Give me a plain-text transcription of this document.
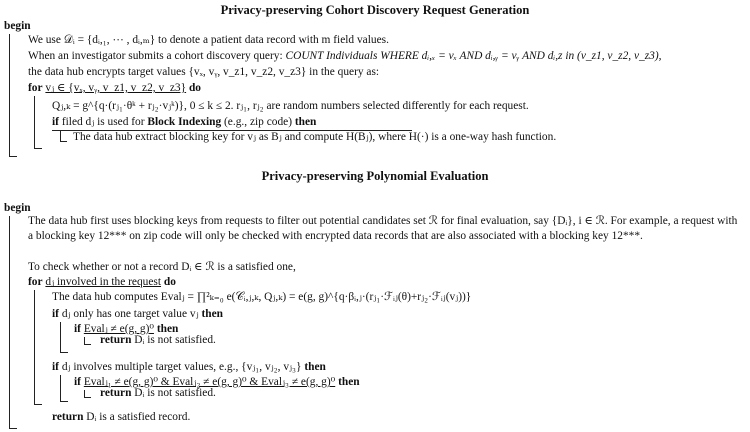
Privacy-preserving Cohort Discovery Request Generation
begin
We use 𝒟ᵢ = {dᵢ,₁, ⋯ , dᵢ,ₘ} to denote a patient data record with m field values.
When an investigator submits a cohort discovery query: COUNT Individuals WHERE dᵢ,ₓ = vₓ AND dᵢ,ᵧ = vᵧ AND dᵢ,z in (v_z1, v_z2, v_z3),
the data hub encrypts target values {vₓ, vᵧ, v_z1, v_z2, v_z3} in the query as:
for vⱼ ∈ {vₓ, vᵧ, v_z1, v_z2, v_z3} do
Qⱼ,ₖ = g^{q·(rⱼ₁·θᵏ + rⱼ₂·vⱼᵏ)}, 0 ≤ k ≤ 2. rⱼ₁, rⱼ₂ are random numbers selected differently for each request.
if filed dⱼ is used for Block Indexing (e.g., zip code) then
The data hub extract blocking key for vⱼ as Bⱼ and compute H(Bⱼ), where H(·) is a one-way hash function.
Privacy-preserving Polynomial Evaluation
begin
The data hub first uses blocking keys from requests to filter out potential candidates set ℛ for final evaluation, say {Dᵢ}, i ∈ ℛ. For example, a request with a blocking key 12*** on zip code will only be checked with encrypted data records that are also associated with a blocking key 12***.
To check whether or not a record Dᵢ ∈ ℛ is a satisfied one,
for dⱼ involved in the request do
The data hub computes Evalⱼ = ∏²ₖ₌₀ e(𝒞ᵢ,ⱼ,ₖ, Qⱼ,ₖ) = e(g, g)^{q·βᵢ,ⱼ·(rⱼ₁·ℱᵢⱼ(θ)+rⱼ₂·ℱᵢⱼ(vⱼ))}
if dⱼ only has one target value vⱼ then
if Evalⱼ ≠ e(g, g)⁰ then
return Dᵢ is not satisfied.
if dⱼ involves multiple target values, e.g., {vⱼ₁, vⱼ₂, vⱼ₃} then
if Evalⱼ₁ ≠ e(g, g)⁰ & Evalⱼ₂ ≠ e(g, g)⁰ & Evalⱼ₃ ≠ e(g, g)⁰ then
return Dᵢ is not satisfied.
return Dᵢ is a satisfied record.
